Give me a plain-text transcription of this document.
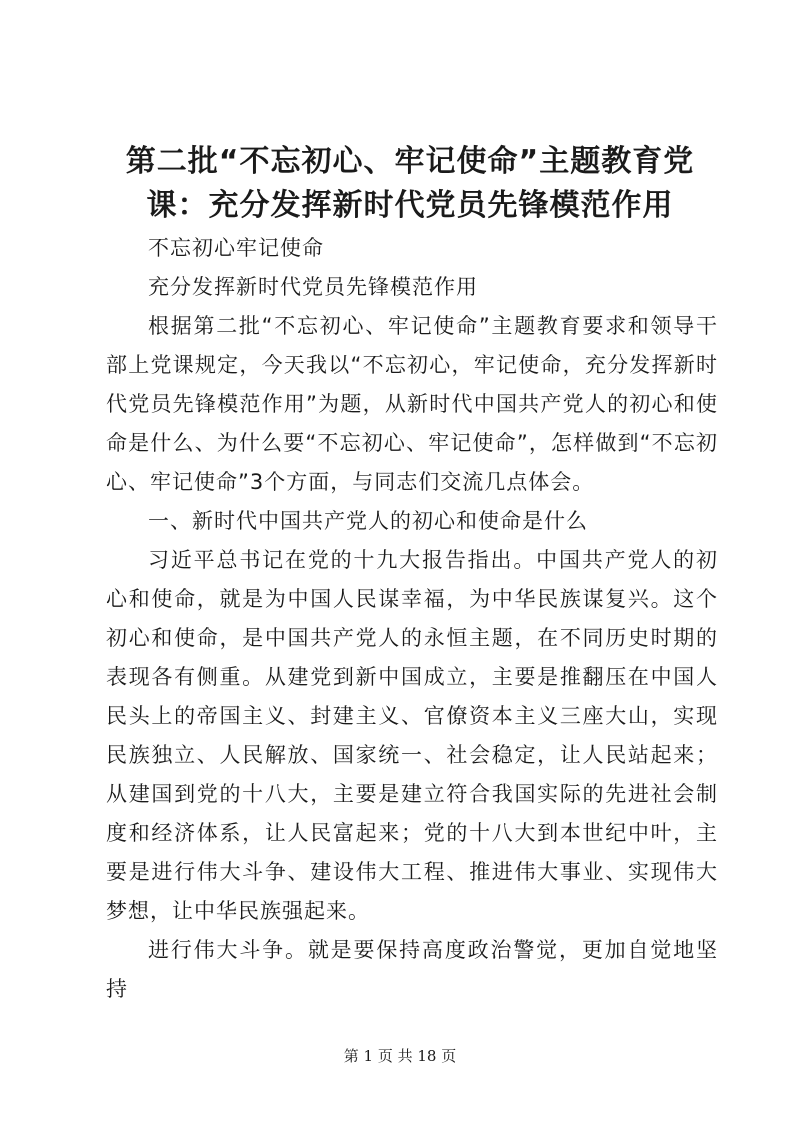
第二批“不忘初心、牢记使命”主题教育党
课：充分发挥新时代党员先锋模范作用

不忘初心牢记使命

充分发挥新时代党员先锋模范作用

根据第二批“不忘初心、牢记使命”主题教育要求和领导干部上党课规定，今天我以“不忘初心，牢记使命，充分发挥新时代党员先锋模范作用”为题，从新时代中国共产党人的初心和使命是什么、为什么要“不忘初心、牢记使命”，怎样做到“不忘初心、牢记使命”3个方面，与同志们交流几点体会。

一、新时代中国共产党人的初心和使命是什么

习近平总书记在党的十九大报告指出。中国共产党人的初心和使命，就是为中国人民谋幸福，为中华民族谋复兴。这个初心和使命，是中国共产党人的永恒主题，在不同历史时期的表现各有侧重。从建党到新中国成立，主要是推翻压在中国人民头上的帝国主义、封建主义、官僚资本主义三座大山，实现民族独立、人民解放、国家统一、社会稳定，让人民站起来；从建国到党的十八大，主要是建立符合我国实际的先进社会制度和经济体系，让人民富起来；党的十八大到本世纪中叶，主要是进行伟大斗争、建设伟大工程、推进伟大事业、实现伟大梦想，让中华民族强起来。

进行伟大斗争。就是要保持高度政治警觉，更加自觉地坚持

第 1 页 共 18 页
